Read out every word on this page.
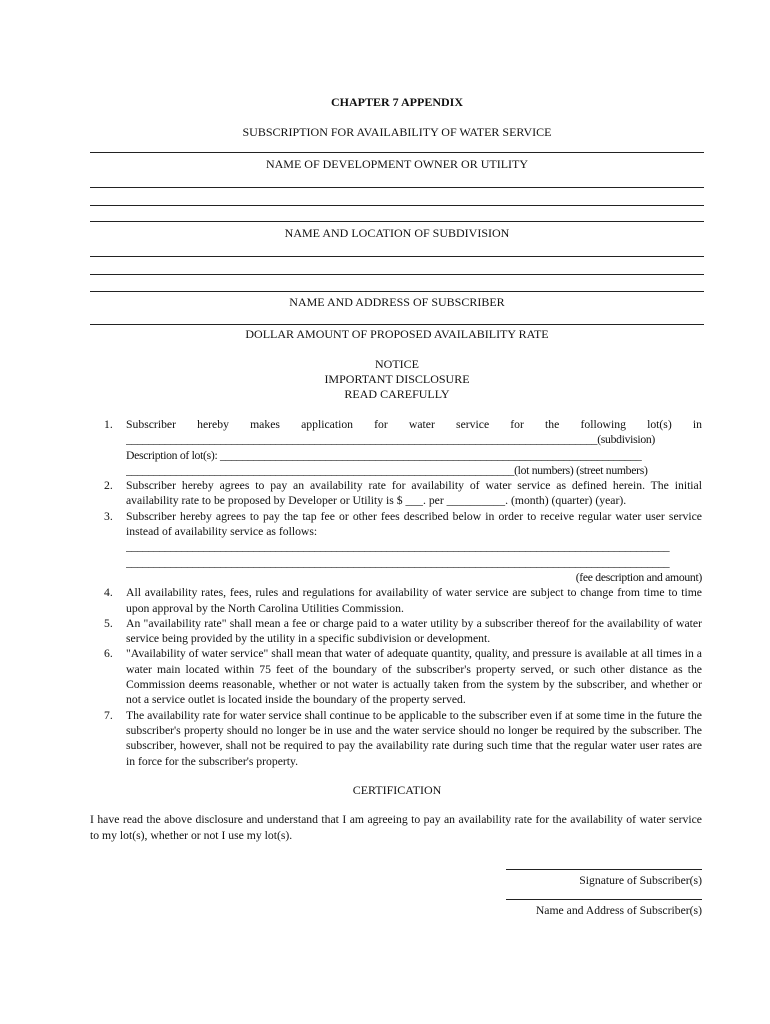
CHAPTER 7 APPENDIX
SUBSCRIPTION FOR AVAILABILITY OF WATER SERVICE
NAME OF DEVELOPMENT OWNER OR UTILITY
NAME AND LOCATION OF SUBDIVISION
NAME AND ADDRESS OF SUBSCRIBER
DOLLAR AMOUNT OF PROPOSED AVAILABILITY RATE
NOTICE
IMPORTANT DISCLOSURE
READ CAREFULLY
1. Subscriber hereby makes application for water service for the following lot(s) in
_____________________________________________________________________________________(subdivision)
Description of lot(s): ____________________________________________________________________________
______________________________________________________________________(lot numbers) (street numbers)
2. Subscriber hereby agrees to pay an availability rate for availability of water service as defined herein. The initial availability rate to be proposed by Developer or Utility is $ ___. per __________. (month) (quarter) (year).
3. Subscriber hereby agrees to pay the tap fee or other fees described below in order to receive regular water user service instead of availability service as follows:
__________________________________________________________________________________________________
__________________________________________________________________________________________________
(fee description and amount)
4. All availability rates, fees, rules and regulations for availability of water service are subject to change from time to time upon approval by the North Carolina Utilities Commission.
5. An "availability rate" shall mean a fee or charge paid to a water utility by a subscriber thereof for the availability of water service being provided by the utility in a specific subdivision or development.
6. "Availability of water service" shall mean that water of adequate quantity, quality, and pressure is available at all times in a water main located within 75 feet of the boundary of the subscriber's property served, or such other distance as the Commission deems reasonable, whether or not water is actually taken from the system by the subscriber, and whether or not a service outlet is located inside the boundary of the property served.
7. The availability rate for water service shall continue to be applicable to the subscriber even if at some time in the future the subscriber's property should no longer be in use and the water service should no longer be required by the subscriber. The subscriber, however, shall not be required to pay the availability rate during such time that the regular water user rates are in force for the subscriber's property.
CERTIFICATION
I have read the above disclosure and understand that I am agreeing to pay an availability rate for the availability of water service to my lot(s), whether or not I use my lot(s).
Signature of Subscriber(s)
Name and Address of Subscriber(s)
